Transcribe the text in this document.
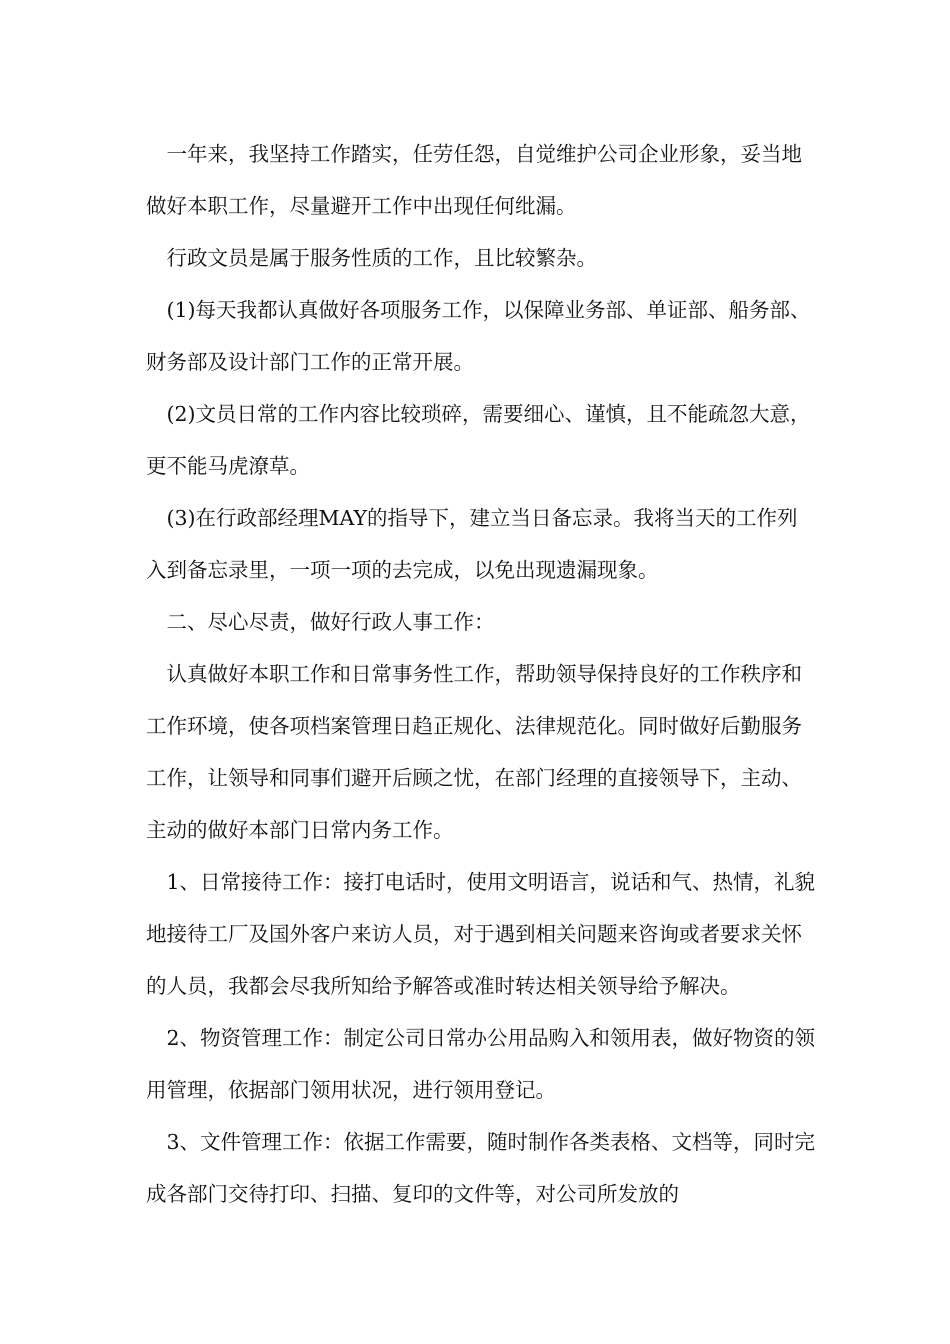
一年来，我坚持工作踏实，任劳任怨，自觉维护公司企业形象，妥当地做好本职工作，尽量避开工作中出现任何纰漏。

行政文员是属于服务性质的工作，且比较繁杂。

(1)每天我都认真做好各项服务工作，以保障业务部、单证部、船务部、财务部及设计部门工作的正常开展。

(2)文员日常的工作内容比较琐碎，需要细心、谨慎，且不能疏忽大意，更不能马虎潦草。

(3)在行政部经理MAY的指导下，建立当日备忘录。我将当天的工作列入到备忘录里，一项一项的去完成，以免出现遗漏现象。

二、尽心尽责，做好行政人事工作：

认真做好本职工作和日常事务性工作，帮助领导保持良好的工作秩序和工作环境，使各项档案管理日趋正规化、法律规范化。同时做好后勤服务工作，让领导和同事们避开后顾之忧，在部门经理的直接领导下，主动、主动的做好本部门日常内务工作。

1、日常接待工作：接打电话时，使用文明语言，说话和气、热情，礼貌地接待工厂及国外客户来访人员，对于遇到相关问题来咨询或者要求关怀的人员，我都会尽我所知给予解答或准时转达相关领导给予解决。

2、物资管理工作：制定公司日常办公用品购入和领用表，做好物资的领用管理，依据部门领用状况，进行领用登记。

3、文件管理工作：依据工作需要，随时制作各类表格、文档等，同时完成各部门交待打印、扫描、复印的文件等，对公司所发放的
